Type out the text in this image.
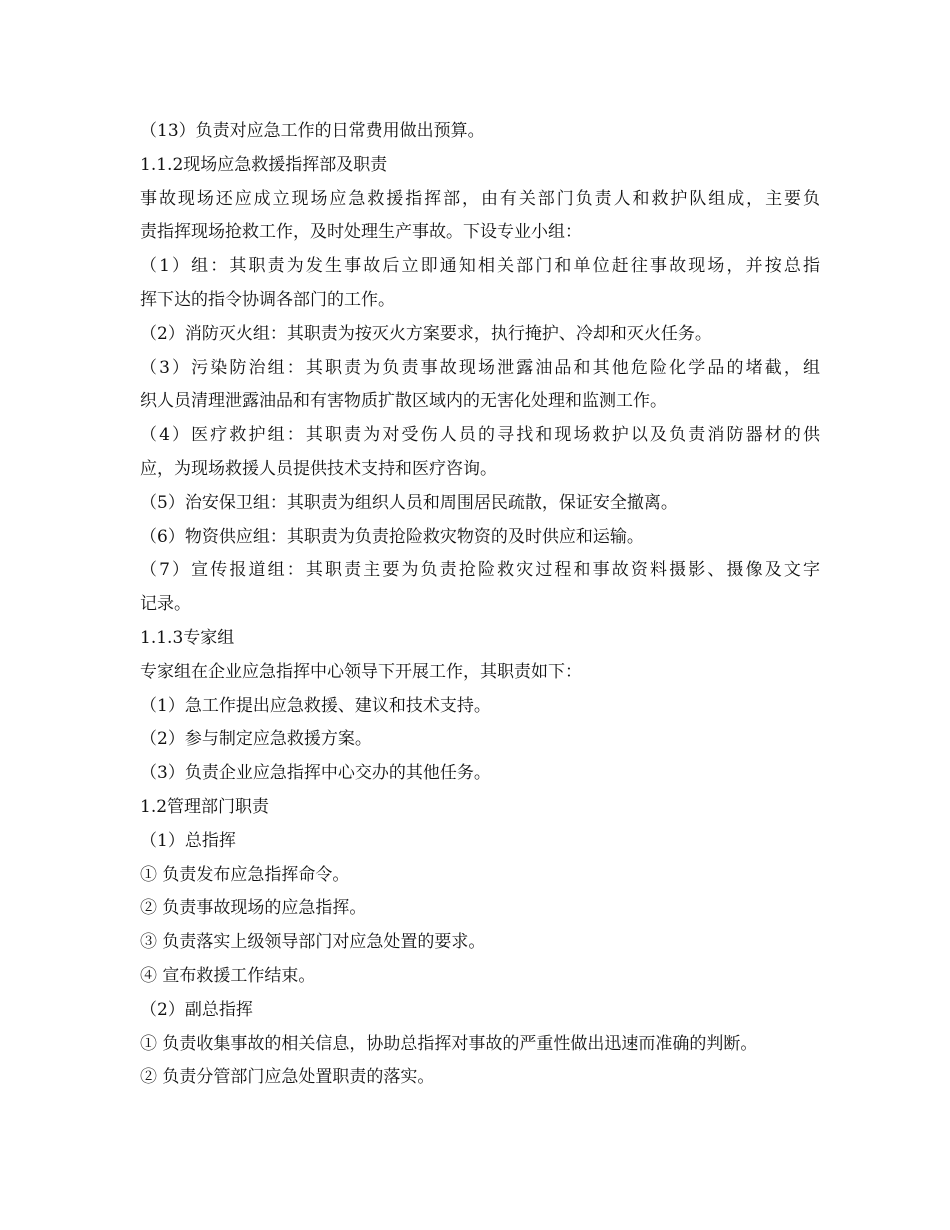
（13）负责对应急工作的日常费用做出预算。

1.1.2现场应急救援指挥部及职责

事故现场还应成立现场应急救援指挥部，由有关部门负责人和救护队组成，主要负

责指挥现场抢救工作，及时处理生产事故。下设专业小组：

（1）组：其职责为发生事故后立即通知相关部门和单位赶往事故现场，并按总指

挥下达的指令协调各部门的工作。

（2）消防灭火组：其职责为按灭火方案要求，执行掩护、冷却和灭火任务。

（3）污染防治组：其职责为负责事故现场泄露油品和其他危险化学品的堵截，组

织人员清理泄露油品和有害物质扩散区域内的无害化处理和监测工作。

（4）医疗救护组：其职责为对受伤人员的寻找和现场救护以及负责消防器材的供

应，为现场救援人员提供技术支持和医疗咨询。

（5）治安保卫组：其职责为组织人员和周围居民疏散，保证安全撤离。

（6）物资供应组：其职责为负责抢险救灾物资的及时供应和运输。

（7）宣传报道组：其职责主要为负责抢险救灾过程和事故资料摄影、摄像及文字

记录。

1.1.3专家组

专家组在企业应急指挥中心领导下开展工作，其职责如下：

（1）急工作提出应急救援、建议和技术支持。

（2）参与制定应急救援方案。

（3）负责企业应急指挥中心交办的其他任务。

1.2管理部门职责

（1）总指挥

① 负责发布应急指挥命令。

② 负责事故现场的应急指挥。

③ 负责落实上级领导部门对应急处置的要求。

④ 宣布救援工作结束。

（2）副总指挥

① 负责收集事故的相关信息，协助总指挥对事故的严重性做出迅速而准确的判断。

② 负责分管部门应急处置职责的落实。
